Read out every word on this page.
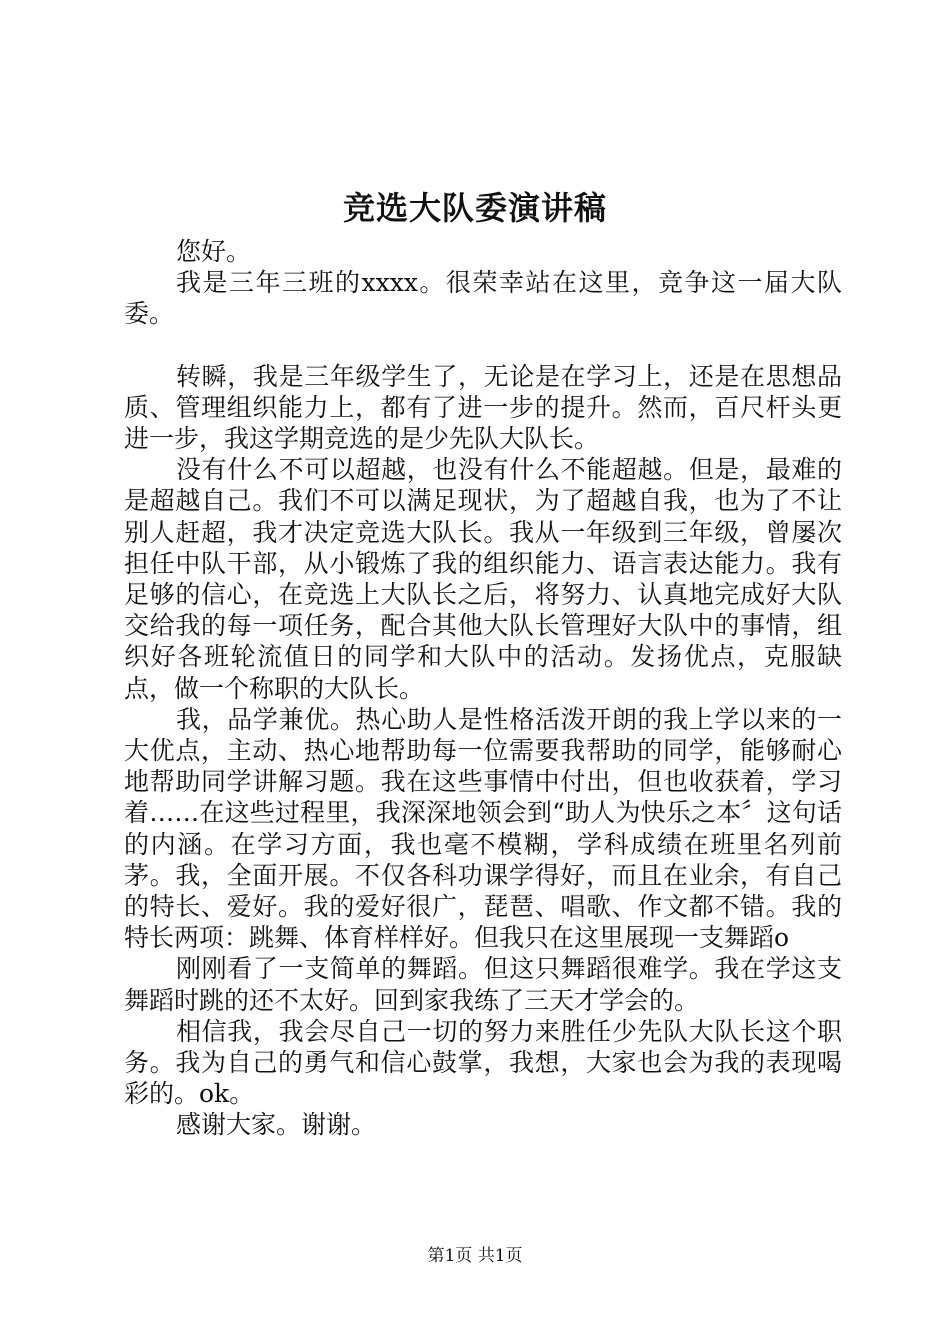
竞选大队委演讲稿

您好。

我是三年三班的xxxx。很荣幸站在这里，竞争这一届大队委。

转瞬，我是三年级学生了，无论是在学习上，还是在思想品质、管理组织能力上，都有了进一步的提升。然而，百尺杆头更进一步，我这学期竞选的是少先队大队长。

没有什么不可以超越，也没有什么不能超越。但是，最难的是超越自己。我们不可以满足现状，为了超越自我，也为了不让别人赶超，我才决定竞选大队长。我从一年级到三年级，曾屡次担任中队干部，从小锻炼了我的组织能力、语言表达能力。我有足够的信心，在竞选上大队长之后，将努力、认真地完成好大队交给我的每一项任务，配合其他大队长管理好大队中的事情，组织好各班轮流值日的同学和大队中的活动。发扬优点，克服缺点，做一个称职的大队长。

我，品学兼优。热心助人是性格活泼开朗的我上学以来的一大优点，主动、热心地帮助每一位需要我帮助的同学，能够耐心地帮助同学讲解习题。我在这些事情中付出，但也收获着，学习着……在这些过程里，我深深地领会到“助人为快乐之本〞这句话的内涵。在学习方面，我也毫不模糊，学科成绩在班里名列前茅。我，全面开展。不仅各科功课学得好，而且在业余，有自己的特长、爱好。我的爱好很广，琵琶、唱歌、作文都不错。我的特长两项：跳舞、体育样样好。但我只在这里展现一支舞蹈o

刚刚看了一支简单的舞蹈。但这只舞蹈很难学。我在学这支舞蹈时跳的还不太好。回到家我练了三天才学会的。

相信我，我会尽自己一切的努力来胜任少先队大队长这个职务。我为自己的勇气和信心鼓掌，我想，大家也会为我的表现喝彩的。ok。

感谢大家。谢谢。

第1页 共1页
